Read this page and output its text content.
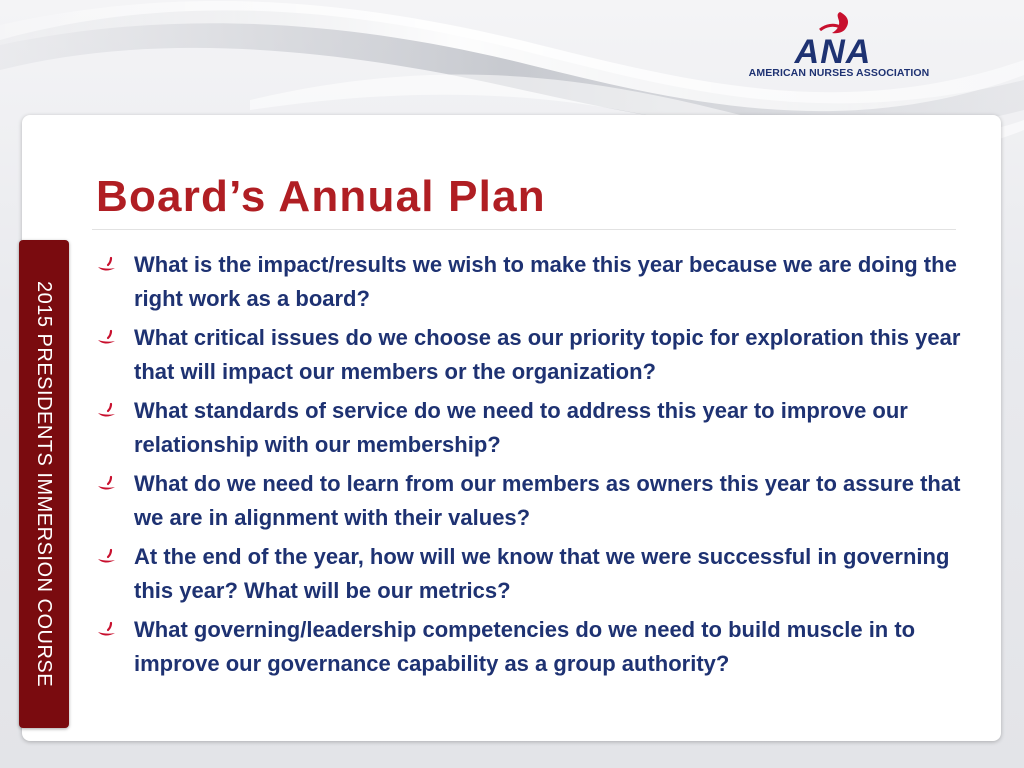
ANA
AMERICAN NURSES ASSOCIATION
Board’s Annual Plan
2015 PRESIDENTS IMMERSION COURSE
What is the impact/results we wish to make this year because we are doing the right work as a board?
What critical issues do we choose as our priority topic for exploration this year that will impact our members or the organization?
What standards of service do we need to address this year to improve our relationship with our membership?
What do we need to learn from our members as owners this year to assure that we are in alignment with their values?
At the end of the year, how will we know that we were successful in governing this year? What will be our metrics?
What governing/leadership competencies do we need to build muscle in to improve our governance capability as a group authority?
